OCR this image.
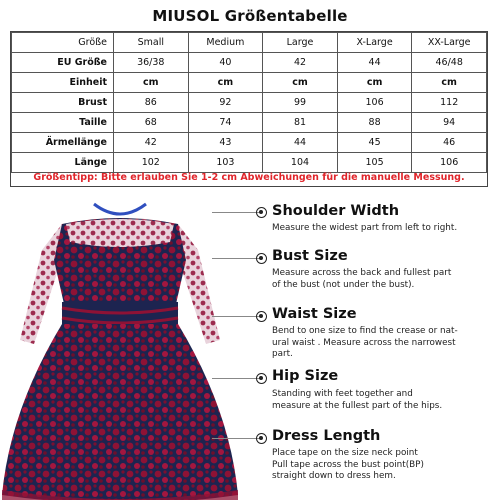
MIUSOL Größentabelle
Größe	Small	Medium	Large	X-Large	XX-Large
EU Größe	36/38	40	42	44	46/48
Einheit	cm	cm	cm	cm	cm
Brust	86	92	99	106	112
Taille	68	74	81	88	94
Ärmellänge	42	43	44	45	46
Länge	102	103	104	105	106
Größentipp: Bitte erlauben Sie 1-2 cm Abweichungen für die manuelle Messung.
Shoulder Width
Measure the widest part from left to right.
Bust Size
Measure across the back and fullest part
of the bust (not under the bust).
Waist Size
Bend to one size to find the crease or nat-
ural waist . Measure across the narrowest
part.
Hip Size
Standing with feet together and
measure at the fullest part of the hips.
Dress Length
Place tape on the size neck point
Pull tape across the bust point(BP)
straight down to dress hem.
